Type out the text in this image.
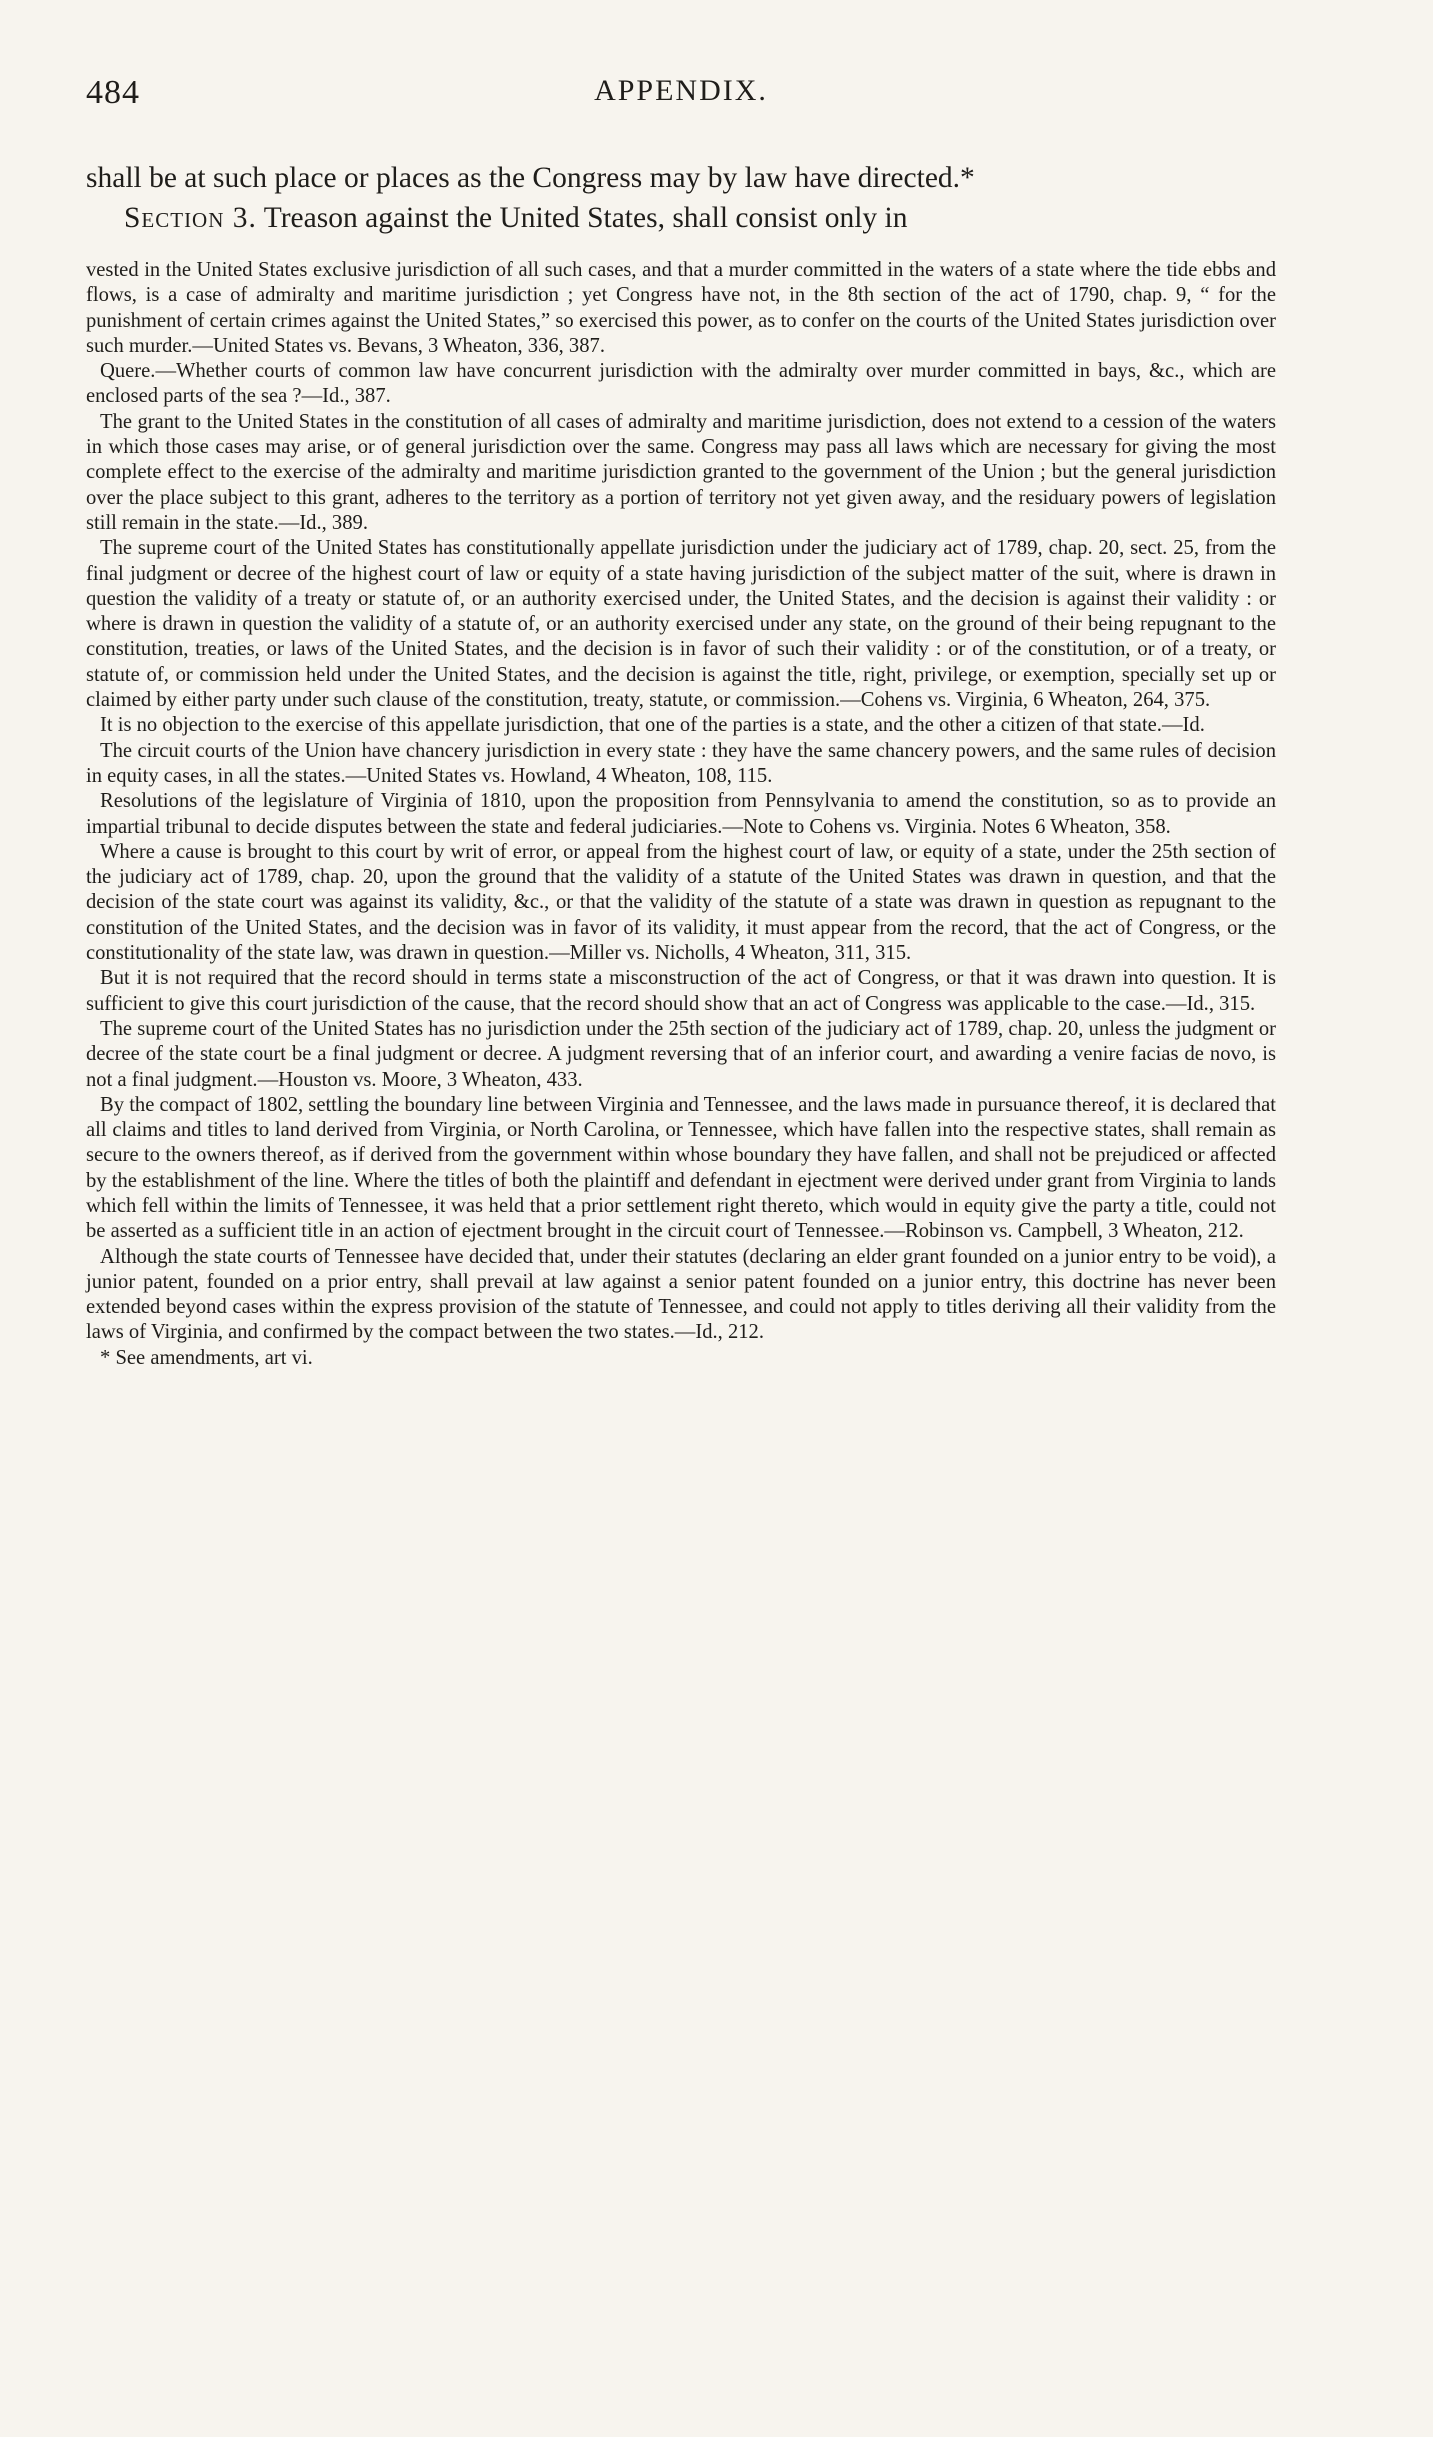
484	APPENDIX.

shall be at such place or places as the Congress may by law have directed.*

Section 3. Treason against the United States, shall consist only in

vested in the United States exclusive jurisdiction of all such cases, and that a murder committed in the waters of a state where the tide ebbs and flows, is a case of admiralty and maritime jurisdiction ; yet Congress have not, in the 8th section of the act of 1790, chap. 9, “ for the punishment of certain crimes against the United States,” so exercised this power, as to confer on the courts of the United States jurisdiction over such murder.—United States vs. Bevans, 3 Wheaton, 336, 387.

Quere.—Whether courts of common law have concurrent jurisdiction with the admiralty over murder committed in bays, &c., which are enclosed parts of the sea ?—Id., 387.

The grant to the United States in the constitution of all cases of admiralty and maritime jurisdiction, does not extend to a cession of the waters in which those cases may arise, or of general jurisdiction over the same. Congress may pass all laws which are necessary for giving the most complete effect to the exercise of the admiralty and maritime jurisdiction granted to the government of the Union ; but the general jurisdiction over the place subject to this grant, adheres to the territory as a portion of territory not yet given away, and the residuary powers of legislation still remain in the state.—Id., 389.

The supreme court of the United States has constitutionally appellate jurisdiction under the judiciary act of 1789, chap. 20, sect. 25, from the final judgment or decree of the highest court of law or equity of a state having jurisdiction of the subject matter of the suit, where is drawn in question the validity of a treaty or statute of, or an authority exercised under, the United States, and the decision is against their validity : or where is drawn in question the validity of a statute of, or an authority exercised under any state, on the ground of their being repugnant to the constitution, treaties, or laws of the United States, and the decision is in favor of such their validity : or of the constitution, or of a treaty, or statute of, or commission held under the United States, and the decision is against the title, right, privilege, or exemption, specially set up or claimed by either party under such clause of the constitution, treaty, statute, or commission.—Cohens vs. Virginia, 6 Wheaton, 264, 375.

It is no objection to the exercise of this appellate jurisdiction, that one of the parties is a state, and the other a citizen of that state.—Id.

The circuit courts of the Union have chancery jurisdiction in every state : they have the same chancery powers, and the same rules of decision in equity cases, in all the states.—United States vs. Howland, 4 Wheaton, 108, 115.

Resolutions of the legislature of Virginia of 1810, upon the proposition from Pennsylvania to amend the constitution, so as to provide an impartial tribunal to decide disputes between the state and federal judiciaries.—Note to Cohens vs. Virginia. Notes 6 Wheaton, 358.

Where a cause is brought to this court by writ of error, or appeal from the highest court of law, or equity of a state, under the 25th section of the judiciary act of 1789, chap. 20, upon the ground that the validity of a statute of the United States was drawn in question, and that the decision of the state court was against its validity, &c., or that the validity of the statute of a state was drawn in question as repugnant to the constitution of the United States, and the decision was in favor of its validity, it must appear from the record, that the act of Congress, or the constitutionality of the state law, was drawn in question.—Miller vs. Nicholls, 4 Wheaton, 311, 315.

But it is not required that the record should in terms state a misconstruction of the act of Congress, or that it was drawn into question. It is sufficient to give this court jurisdiction of the cause, that the record should show that an act of Congress was applicable to the case.—Id., 315.

The supreme court of the United States has no jurisdiction under the 25th section of the judiciary act of 1789, chap. 20, unless the judgment or decree of the state court be a final judgment or decree. A judgment reversing that of an inferior court, and awarding a venire facias de novo, is not a final judgment.—Houston vs. Moore, 3 Wheaton, 433.

By the compact of 1802, settling the boundary line between Virginia and Tennessee, and the laws made in pursuance thereof, it is declared that all claims and titles to land derived from Virginia, or North Carolina, or Tennessee, which have fallen into the respective states, shall remain as secure to the owners thereof, as if derived from the government within whose boundary they have fallen, and shall not be prejudiced or affected by the establishment of the line. Where the titles of both the plaintiff and defendant in ejectment were derived under grant from Virginia to lands which fell within the limits of Tennessee, it was held that a prior settlement right thereto, which would in equity give the party a title, could not be asserted as a sufficient title in an action of ejectment brought in the circuit court of Tennessee.—Robinson vs. Campbell, 3 Wheaton, 212.

Although the state courts of Tennessee have decided that, under their statutes (declaring an elder grant founded on a junior entry to be void), a junior patent, founded on a prior entry, shall prevail at law against a senior patent founded on a junior entry, this doctrine has never been extended beyond cases within the express provision of the statute of Tennessee, and could not apply to titles deriving all their validity from the laws of Virginia, and confirmed by the compact between the two states.—Id., 212.

* See amendments, art vi.
